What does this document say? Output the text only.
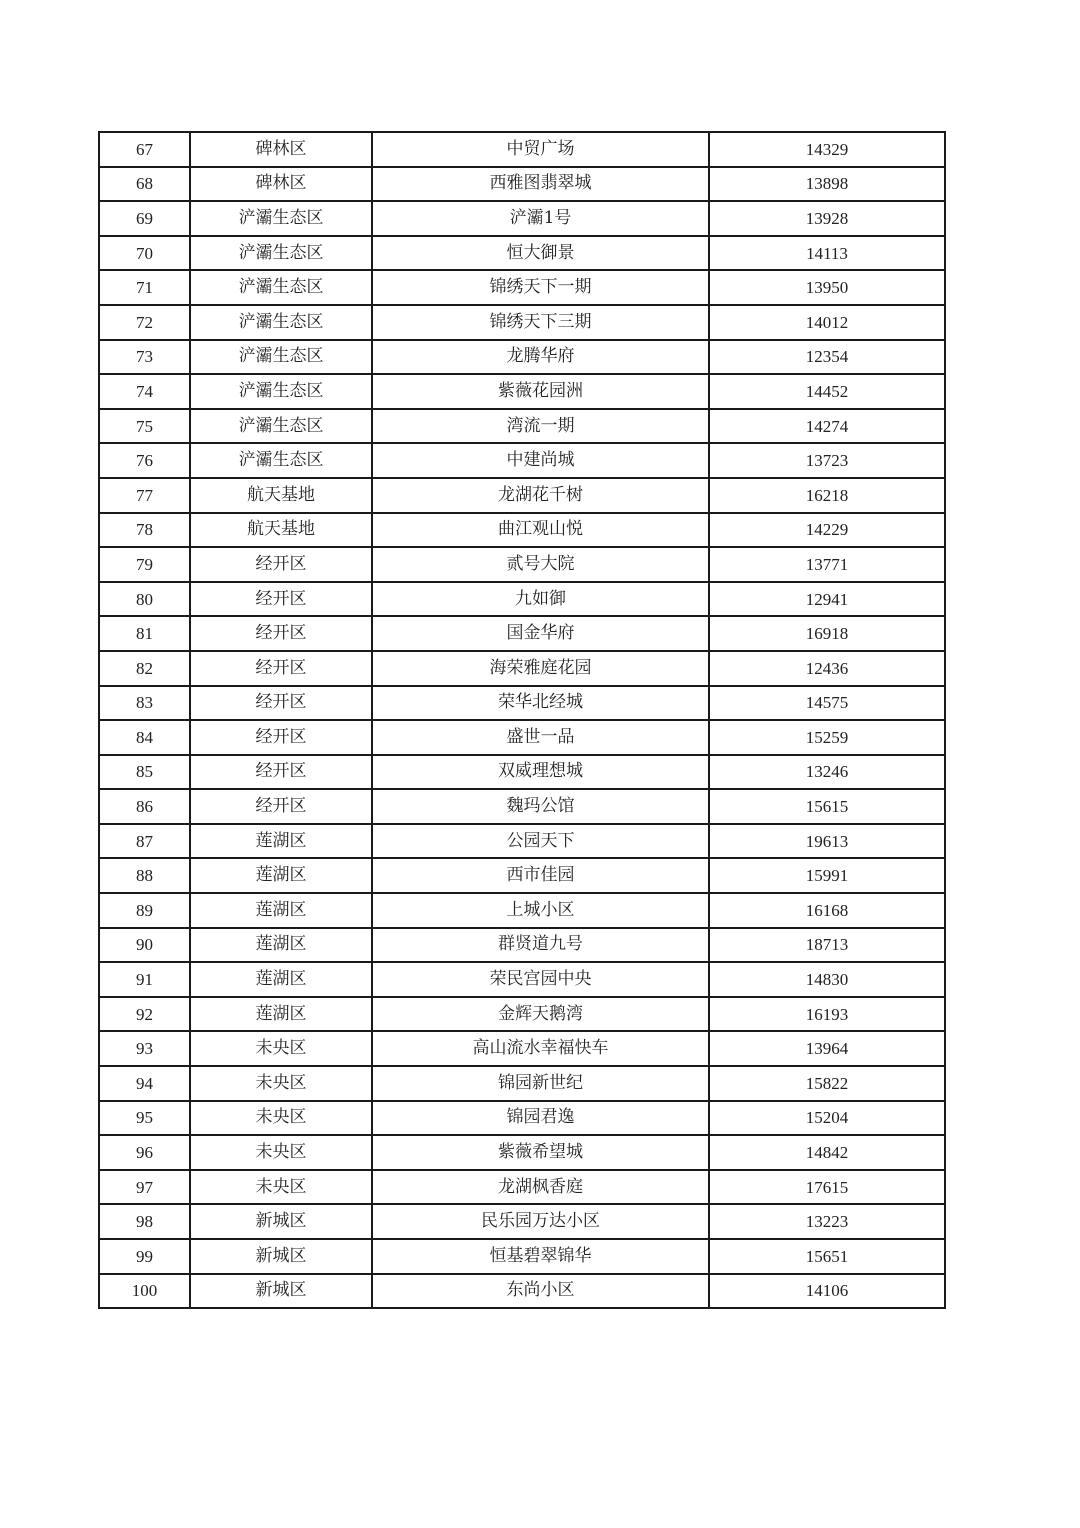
67	碑林区	中贸广场	14329
68	碑林区	西雅图翡翠城	13898
69	浐灞生态区	浐灞1号	13928
70	浐灞生态区	恒大御景	14113
71	浐灞生态区	锦绣天下一期	13950
72	浐灞生态区	锦绣天下三期	14012
73	浐灞生态区	龙腾华府	12354
74	浐灞生态区	紫薇花园洲	14452
75	浐灞生态区	湾流一期	14274
76	浐灞生态区	中建尚城	13723
77	航天基地	龙湖花千树	16218
78	航天基地	曲江观山悦	14229
79	经开区	贰号大院	13771
80	经开区	九如御	12941
81	经开区	国金华府	16918
82	经开区	海荣雅庭花园	12436
83	经开区	荣华北经城	14575
84	经开区	盛世一品	15259
85	经开区	双威理想城	13246
86	经开区	魏玛公馆	15615
87	莲湖区	公园天下	19613
88	莲湖区	西市佳园	15991
89	莲湖区	上城小区	16168
90	莲湖区	群贤道九号	18713
91	莲湖区	荣民宫园中央	14830
92	莲湖区	金辉天鹅湾	16193
93	未央区	高山流水幸福快车	13964
94	未央区	锦园新世纪	15822
95	未央区	锦园君逸	15204
96	未央区	紫薇希望城	14842
97	未央区	龙湖枫香庭	17615
98	新城区	民乐园万达小区	13223
99	新城区	恒基碧翠锦华	15651
100	新城区	东尚小区	14106
